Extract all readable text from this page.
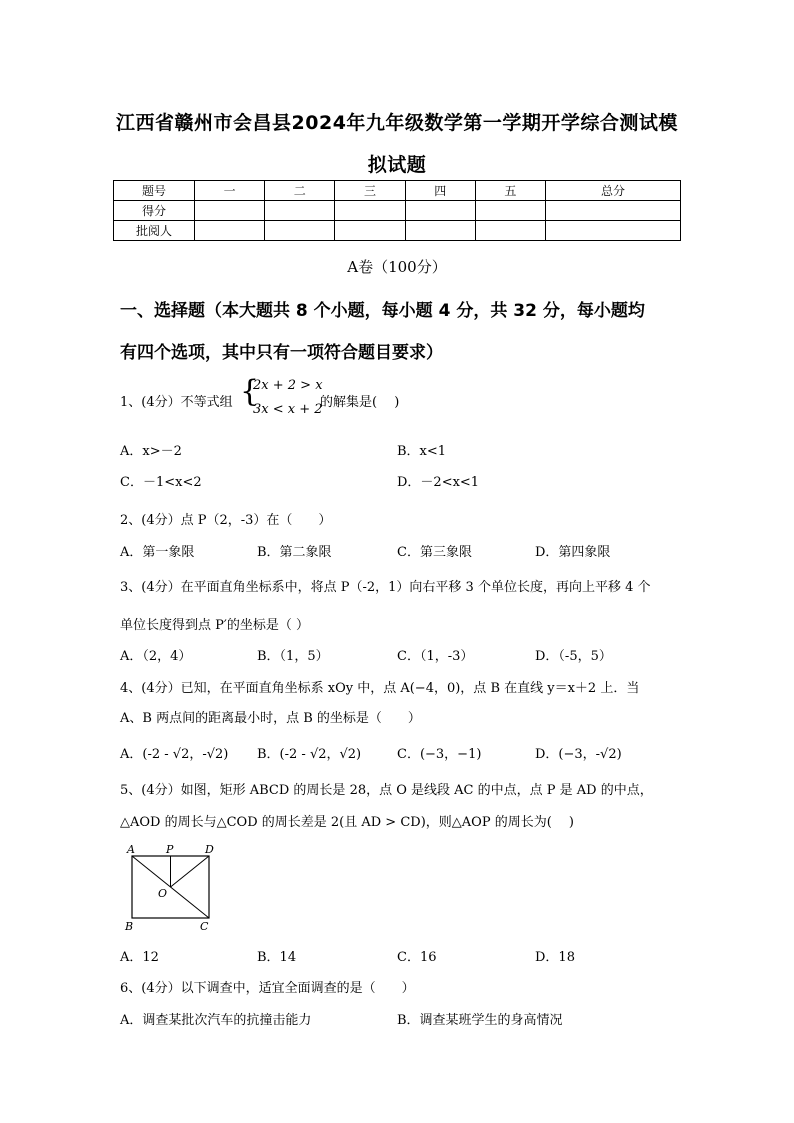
江西省赣州市会昌县2024年九年级数学第一学期开学综合测试模
拟试题
题号	一	二	三	四	五	总分
得分						
批阅人						
A卷（100分）
一、选择题（本大题共 8 个小题，每小题 4 分，共 32 分，每小题均
有四个选项，其中只有一项符合题目要求）
1、(4分）不等式组 {
2x + 2 > x
3x < x + 2
的解集是(　 )
A．x>－2	B．x<1
C．－1<x<2	D．－2<x<1
2、(4分）点 P（2，-3）在（　　）
A．第一象限	B．第二象限	C．第三象限	D．第四象限
3、(4分）在平面直角坐标系中，将点 P（-2，1）向右平移 3 个单位长度，再向上平移 4 个
单位长度得到点 P′的坐标是（ ）
A．（2，4）	B．（1，5）	C．（1，-3）	D．（-5，5）
4、(4分）已知，在平面直角坐标系 xOy 中，点 A(−4，0)，点 B 在直线 y＝x＋2 上．当
A、B 两点间的距离最小时，点 B 的坐标是（　　）
A．(-2 - √2，-√2) B．(-2 - √2，√2)	C．(−3，−1)	D．(−3，-√2)
5、(4分）如图，矩形 ABCD 的周长是 28，点 O 是线段 AC 的中点，点 P 是 AD 的中点，
△AOD 的周长与△COD 的周长差是 2(且 AD > CD)，则△AOP 的周长为(　 )
A	P	D
O
B	C
A．12	B．14	C．16	D．18
6、(4分）以下调查中，适宜全面调查的是（　　）
A．调查某批次汽车的抗撞击能力	B．调查某班学生的身高情况
